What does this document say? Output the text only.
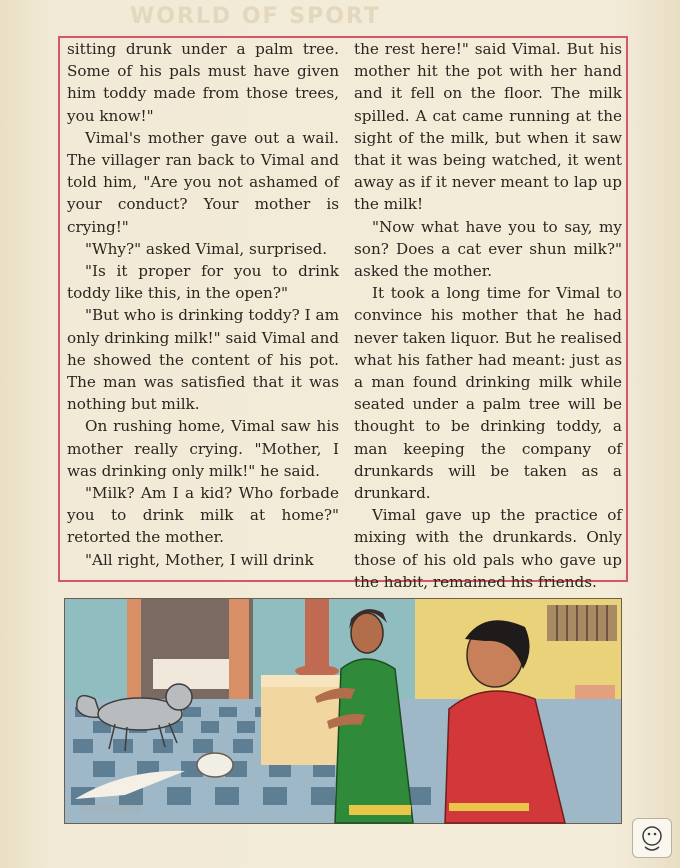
WORLD OF SPORT

sitting drunk under a palm tree. Some of his pals must have given him toddy made from those trees, you know!"

Vimal's mother gave out a wail. The villager ran back to Vimal and told him, "Are you not ashamed of your conduct? Your mother is crying!"

"Why?" asked Vimal, surprised.

"Is it proper for you to drink toddy like this, in the open?"

"But who is drinking toddy? I am only drinking milk!" said Vimal and he showed the content of his pot. The man was satisfied that it was nothing but milk.

On rushing home, Vimal saw his mother really crying. "Mother, I was drinking only milk!" he said.

"Milk? Am I a kid? Who forbade you to drink milk at home?" retorted the mother.

"All right, Mother, I will drink

the rest here!" said Vimal. But his mother hit the pot with her hand and it fell on the floor. The milk spilled. A cat came running at the sight of the milk, but when it saw that it was being watched, it went away as if it never meant to lap up the milk!

"Now what have you to say, my son? Does a cat ever shun milk?" asked the mother.

It took a long time for Vimal to convince his mother that he had never taken liquor. But he realised what his father had meant: just as a man found drinking milk while seated under a palm tree will be thought to be drinking toddy, a man keeping the company of drunkards will be taken as a drunkard.

Vimal gave up the practice of mixing with the drunkards. Only those of his old pals who gave up the habit, remained his friends.
